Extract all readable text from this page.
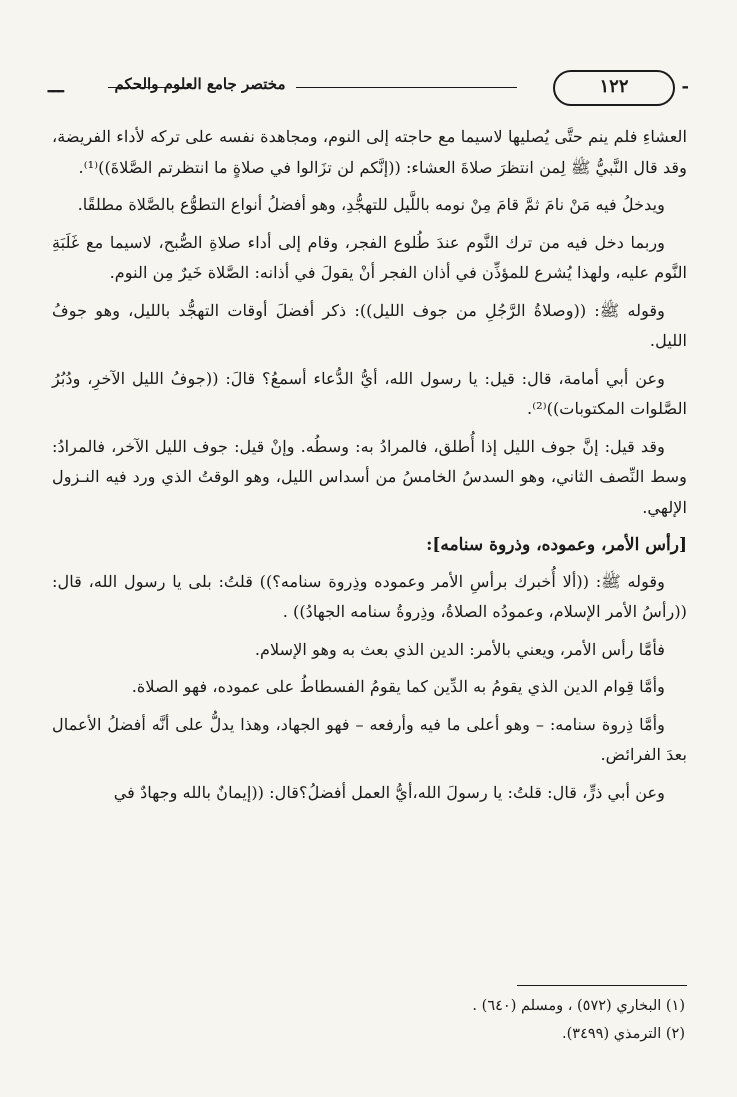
ـــ	مختصر جامع العلوم والحكم	١٢٢	-

العشاءِ فلم ينم حتَّى يُصليها لاسيما مع حاجته إلى النوم، ومجاهدة نفسه على تركه لأداء الفريضة، وقد قال النَّبيُّ ﷺ لِمن انتظرَ صلاةَ العشاء: ((إنَّكم لن تزَالوا في صلاةٍ ما انتظرتم الصَّلاةَ))⁽¹⁾.

ويدخلُ فيه مَنْ نامَ ثمَّ قامَ مِنْ نومه باللَّيل للتهجُّدِ، وهو أفضلُ أنواع التطوُّع بالصَّلاة مطلقًا.

وربما دخل فيه من ترك النَّوم عندَ طُلوع الفجر، وقام إلى أداء صلاةِ الصُّبح، لاسيما مع غَلَبَةِ النَّوم عليه، ولهذا يُشرع للمؤذِّن في أذان الفجر أنْ يقولَ في أذانه: الصَّلاة خَيرٌ مِن النوم.

وقوله ﷺ: ((وصلاةُ الرَّجُلِ من جوف الليل)): ذكر أفضلَ أوقات التهجُّد بالليل، وهو جوفُ الليل.

وعن أبي أمامة، قال: قيل: يا رسول الله، أيُّ الدُّعاء أسمعُ؟ قالَ: ((جوفُ الليل الآخرِ، ودُبُرُ الصَّلوات المكتوبات))⁽²⁾.

وقد قيل: إنَّ جوف الليل إذا أُطلق، فالمرادُ به: وسطُه. وإنْ قيل: جوف الليل الآخر، فالمرادُ: وسط النِّصف الثاني، وهو السدسُ الخامسُ من أسداس الليل، وهو الوقتُ الذي ورد فيه النـزول الإلهي.

[رأس الأمر، وعموده، وذروة سنامه]:

وقوله ﷺ: ((ألا أُخبرك برأسِ الأمر وعموده وذِروة سنامه؟)) قلتُ: بلى يا رسول الله، قال: ((رأسُ الأمر الإسلام، وعمودُه الصلاةُ، وذِروةُ سنامه الجهادُ)) .

فأمَّا رأس الأمر، ويعني بالأمر: الدين الذي بعث به وهو الإسلام.

وأمَّا قِوام الدين الذي يقومُ به الدِّين كما يقومُ الفسطاطُ على عموده، فهو الصلاة.

وأمَّا ذِروة سنامه: – وهو أعلى ما فيه وأرفعه – فهو الجهاد، وهذا يدلُّ على أنَّه أفضلُ الأعمال بعدَ الفرائض.

وعن أبي ذرٍّ، قال: قلتُ: يا رسولَ الله،أيُّ العمل أفضلُ؟قال: ((إيمانٌ بالله وجهادٌ في

(١) البخاري (٥٧٢) ، ومسلم (٦٤٠) .
(٢) الترمذي (٣٤٩٩).
